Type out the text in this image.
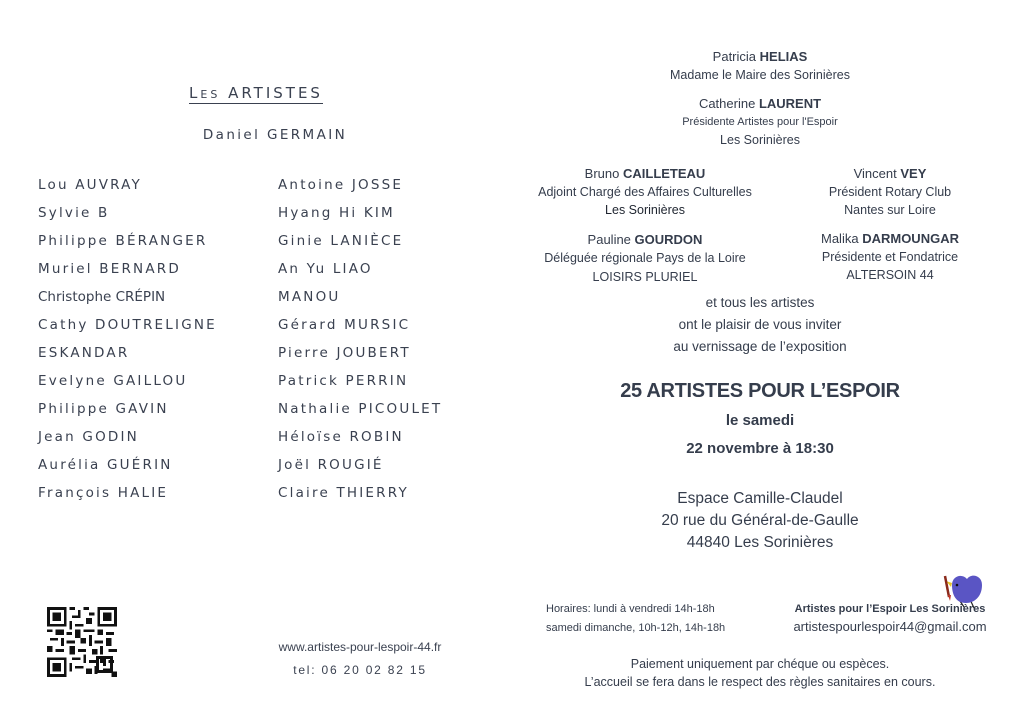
LES ARTISTES
Daniel GERMAIN
Lou AUVRAY
Sylvie B
Philippe BÉRANGER
Muriel BERNARD
Christophe CRÉPIN
Cathy DOUTRELIGNE
ESKANDAR
Evelyne GAILLOU
Philippe GAVIN
Jean GODIN
Aurélia GUÉRIN
François HALIE
Antoine JOSSE
Hyang Hi KIM
Ginie LANIÈCE
An Yu LIAO
MANOU
Gérard MURSIC
Pierre JOUBERT
Patrick PERRIN
Nathalie PICOULET
Héloïse ROBIN
Joël ROUGIÉ
Claire THIERRY
www.artistes-pour-lespoir-44.fr
tel: 06 20 02 82 15
Patricia HELIAS
Madame le Maire des Sorinières
Catherine LAURENT
Présidente Artistes pour l'Espoir
Les Sorinières
Bruno CAILLETEAU
Adjoint Chargé des Affaires Culturelles
Les Sorinières
Vincent VEY
Président Rotary Club
Nantes sur Loire
Pauline GOURDON
Déléguée régionale Pays de la Loire
LOISIRS PLURIEL
Malika DARMOUNGAR
Présidente et Fondatrice
ALTERSOIN 44
et tous les artistes
ont le plaisir de vous inviter
au vernissage de l’exposition
25 ARTISTES POUR L’ESPOIR
le samedi
22 novembre à 18:30
Espace Camille-Claudel
20 rue du Général-de-Gaulle
44840 Les Sorinières
Horaires: lundi à vendredi 14h-18h
samedi dimanche, 10h-12h, 14h-18h
Artistes pour l’Espoir Les Sorinières
artistespourlespoir44@gmail.com
Paiement uniquement par chéque ou espèces.
L’accueil se fera dans le respect des règles sanitaires en cours.
